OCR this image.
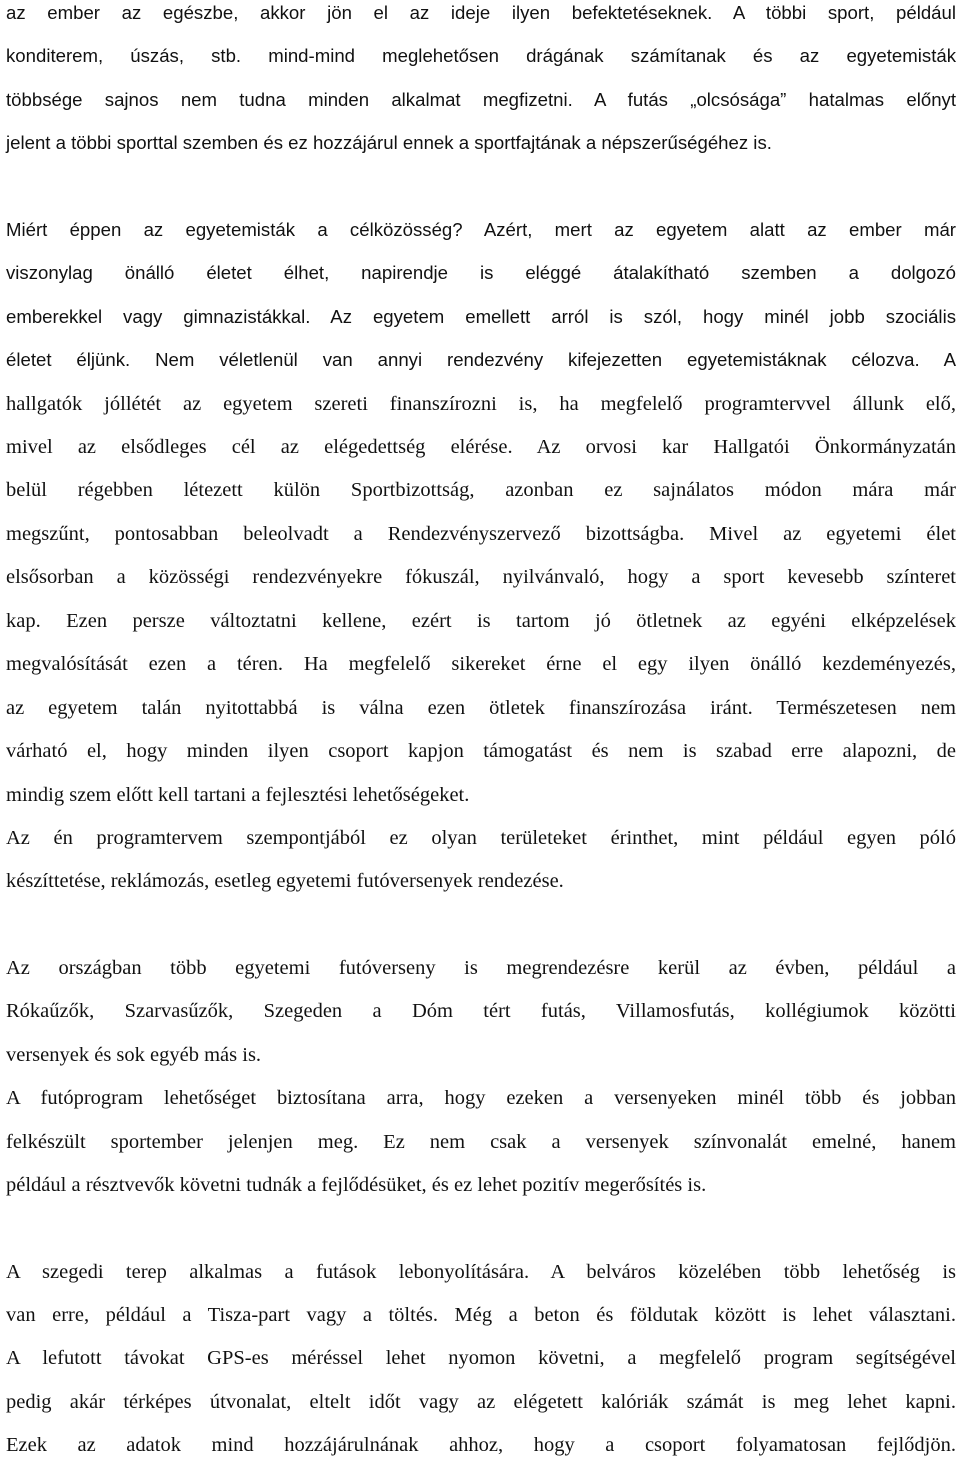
az ember az egészbe, akkor jön el az ideje ilyen befektetéseknek. A többi sport, például
konditerem, úszás, stb. mind-mind meglehetősen drágának számítanak és az egyetemisták
többsége sajnos nem tudna minden alkalmat megfizetni. A futás „olcsósága” hatalmas előnyt
jelent a többi sporttal szemben és ez hozzájárul ennek a sportfajtának a népszerűségéhez is.
Miért éppen az egyetemisták a célközösség? Azért, mert az egyetem alatt az ember már
viszonylag önálló életet élhet, napirendje is eléggé átalakítható szemben a dolgozó
emberekkel vagy gimnazistákkal. Az egyetem emellett arról is szól, hogy minél jobb szociális
életet éljünk. Nem véletlenül van annyi rendezvény kifejezetten egyetemistáknak célozva. A
hallgatók jóllétét az egyetem szereti finanszírozni is, ha megfelelő programtervvel állunk elő,
mivel az elsődleges cél az elégedettség elérése. Az orvosi kar Hallgatói Önkormányzatán
belül régebben létezett külön Sportbizottság, azonban ez sajnálatos módon mára már
megszűnt, pontosabban beleolvadt a Rendezvényszervező bizottságba. Mivel az egyetemi élet
elsősorban a közösségi rendezvényekre fókuszál, nyilvánvaló, hogy a sport kevesebb színteret
kap. Ezen persze változtatni kellene, ezért is tartom jó ötletnek az egyéni elképzelések
megvalósítását ezen a téren. Ha megfelelő sikereket érne el egy ilyen önálló kezdeményezés,
az egyetem talán nyitottabbá is válna ezen ötletek finanszírozása iránt. Természetesen nem
várható el, hogy minden ilyen csoport kapjon támogatást és nem is szabad erre alapozni, de
mindig szem előtt kell tartani a fejlesztési lehetőségeket.
Az én programtervem szempontjából ez olyan területeket érinthet, mint például egyen póló
készíttetése, reklámozás, esetleg egyetemi futóversenyek rendezése.
Az országban több egyetemi futóverseny is megrendezésre kerül az évben, például a
Rókaűzők, Szarvasűzők, Szegeden a Dóm tért futás, Villamosfutás, kollégiumok közötti
versenyek és sok egyéb más is.
A futóprogram lehetőséget biztosítana arra, hogy ezeken a versenyeken minél több és jobban
felkészült sportember jelenjen meg. Ez nem csak a versenyek színvonalát emelné, hanem
például a résztvevők követni tudnák a fejlődésüket, és ez lehet pozitív megerősítés is.
A szegedi terep alkalmas a futások lebonyolítására. A belváros közelében több lehetőség is
van erre, például a Tisza-part vagy a töltés. Még a beton és földutak között is lehet választani.
A lefutott távokat GPS-es méréssel lehet nyomon követni, a megfelelő program segítségével
pedig akár térképes útvonalat, eltelt időt vagy az elégetett kalóriák számát is meg lehet kapni.
Ezek az adatok mind hozzájárulnának ahhoz, hogy a csoport folyamatosan fejlődjön.
